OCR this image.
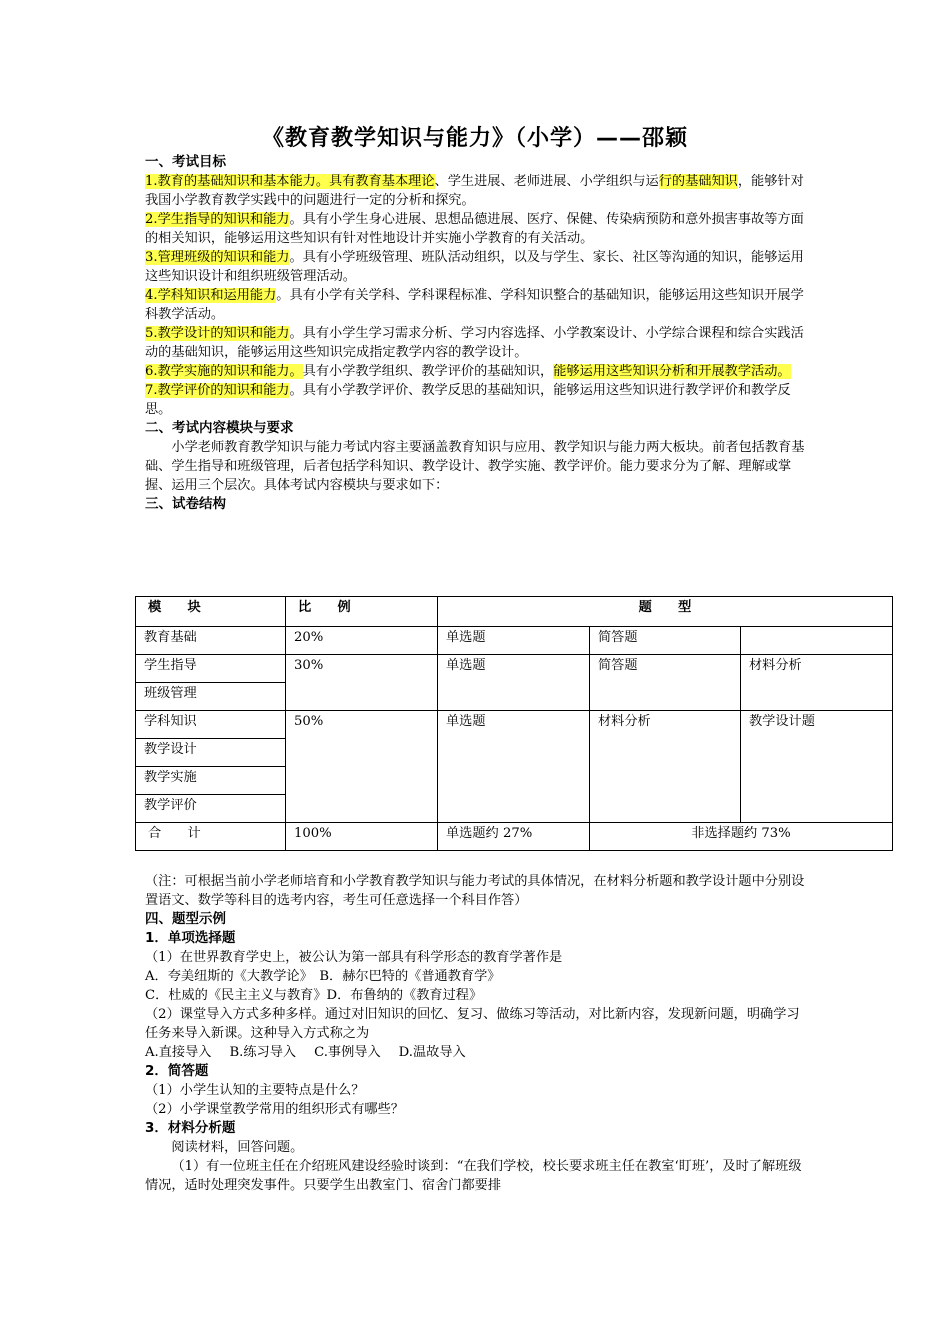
《教育教学知识与能力》（小学）——邵颖

一、考试目标

1.教育的基础知识和基本能力。具有教育基本理论、学生进展、老师进展、小学组织与运行的基础知识，能够针对我国小学教育教学实践中的问题进行一定的分析和探究。

2.学生指导的知识和能力。具有小学生身心进展、思想品德进展、医疗、保健、传染病预防和意外损害事故等方面的相关知识，能够运用这些知识有针对性地设计并实施小学教育的有关活动。

3.管理班级的知识和能力。具有小学班级管理、班队活动组织，以及与学生、家长、社区等沟通的知识，能够运用这些知识设计和组织班级管理活动。

4.学科知识和运用能力。具有小学有关学科、学科课程标准、学科知识整合的基础知识，能够运用这些知识开展学科教学活动。

5.教学设计的知识和能力。具有小学生学习需求分析、学习内容选择、小学教案设计、小学综合课程和综合实践活动的基础知识，能够运用这些知识完成指定教学内容的教学设计。

6.教学实施的知识和能力。具有小学教学组织、教学评价的基础知识，能够运用这些知识分析和开展教学活动。

7.教学评价的知识和能力。具有小学教学评价、教学反思的基础知识，能够运用这些知识进行教学评价和教学反思。

二、考试内容模块与要求

小学老师教育教学知识与能力考试内容主要涵盖教育知识与应用、教学知识与能力两大板块。前者包括教育基础、学生指导和班级管理，后者包括学科知识、教学设计、教学实施、教学评价。能力要求分为了解、理解或掌握、运用三个层次。具体考试内容模块与要求如下：

三、试卷结构

模　　块	比　　例	题　　型		
教育基础	20%	单选题	简答题	
学生指导	30%	单选题	简答题	材料分析
班级管理				
学科知识	50%	单选题	材料分析	教学设计题
教学设计				
教学实施				
教学评价				
合　　计	100%	单选题约 27%	非选择题约 73%	

（注：可根据当前小学老师培育和小学教育教学知识与能力考试的具体情况，在材料分析题和教学设计题中分别设置语文、数学等科目的选考内容，考生可任意选择一个科目作答）

四、题型示例

1．单项选择题

（1）在世界教育学史上，被公认为第一部具有科学形态的教育学著作是

A．夸美纽斯的《大教学论》　B．赫尔巴特的《普通教育学》

C．杜威的《民主主义与教育》D．布鲁纳的《教育过程》

（2）课堂导入方式多种多样。通过对旧知识的回忆、复习、做练习等活动，对比新内容，发现新问题，明确学习任务来导入新课。这种导入方式称之为

A.直接导入 B.练习导入 C.事例导入 D.温故导入

2．简答题

（1）小学生认知的主要特点是什么？

（2）小学课堂教学常用的组织形式有哪些？

3．材料分析题

阅读材料，回答问题。

（1）有一位班主任在介绍班风建设经验时谈到：“在我们学校，校长要求班主任在教室‘盯班’，及时了解班级情况，适时处理突发事件。只要学生出教室门、宿舍门都要排
